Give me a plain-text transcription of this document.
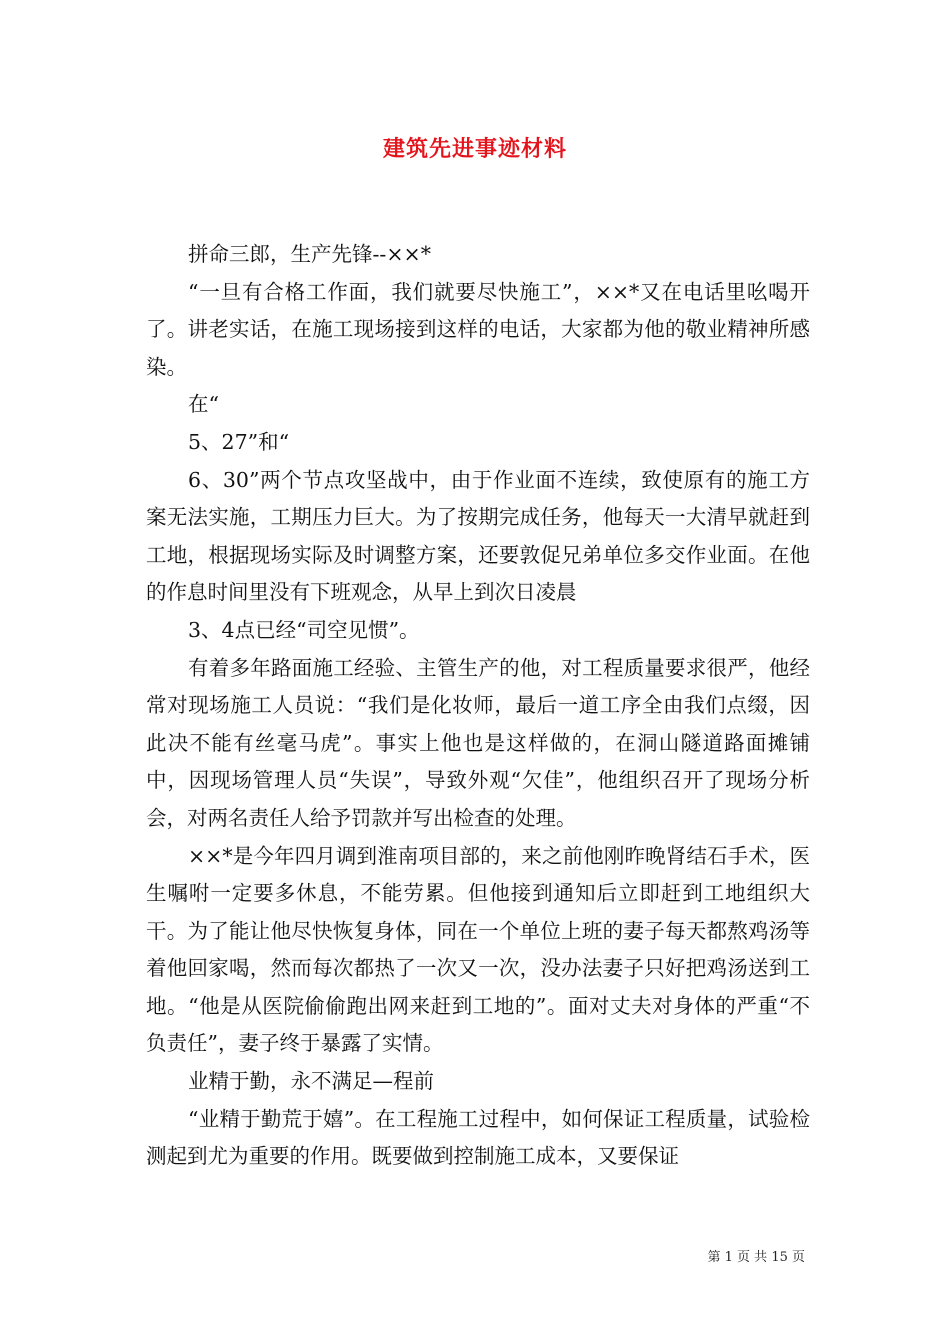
建筑先进事迹材料

拼命三郎，生产先锋--××*

“一旦有合格工作面，我们就要尽快施工”，××*又在电话里吆喝开了。讲老实话，在施工现场接到这样的电话，大家都为他的敬业精神所感染。

在“

5、27”和“

6、30”两个节点攻坚战中，由于作业面不连续，致使原有的施工方案无法实施，工期压力巨大。为了按期完成任务，他每天一大清早就赶到工地，根据现场实际及时调整方案，还要敦促兄弟单位多交作业面。在他的作息时间里没有下班观念，从早上到次日凌晨

3、4点已经“司空见惯”。

有着多年路面施工经验、主管生产的他，对工程质量要求很严，他经常对现场施工人员说：“我们是化妆师，最后一道工序全由我们点缀，因此决不能有丝毫马虎”。事实上他也是这样做的，在洞山隧道路面摊铺中，因现场管理人员“失误”，导致外观“欠佳”，他组织召开了现场分析会，对两名责任人给予罚款并写出检查的处理。

××*是今年四月调到淮南项目部的，来之前他刚昨晚肾结石手术，医生嘱咐一定要多休息，不能劳累。但他接到通知后立即赶到工地组织大干。为了能让他尽快恢复身体，同在一个单位上班的妻子每天都熬鸡汤等着他回家喝，然而每次都热了一次又一次，没办法妻子只好把鸡汤送到工地。“他是从医院偷偷跑出网来赶到工地的”。面对丈夫对身体的严重“不负责任”，妻子终于暴露了实情。

业精于勤，永不满足—程前

“业精于勤荒于嬉”。在工程施工过程中，如何保证工程质量，试验检测起到尤为重要的作用。既要做到控制施工成本，又要保证

第 1 页 共 15 页
